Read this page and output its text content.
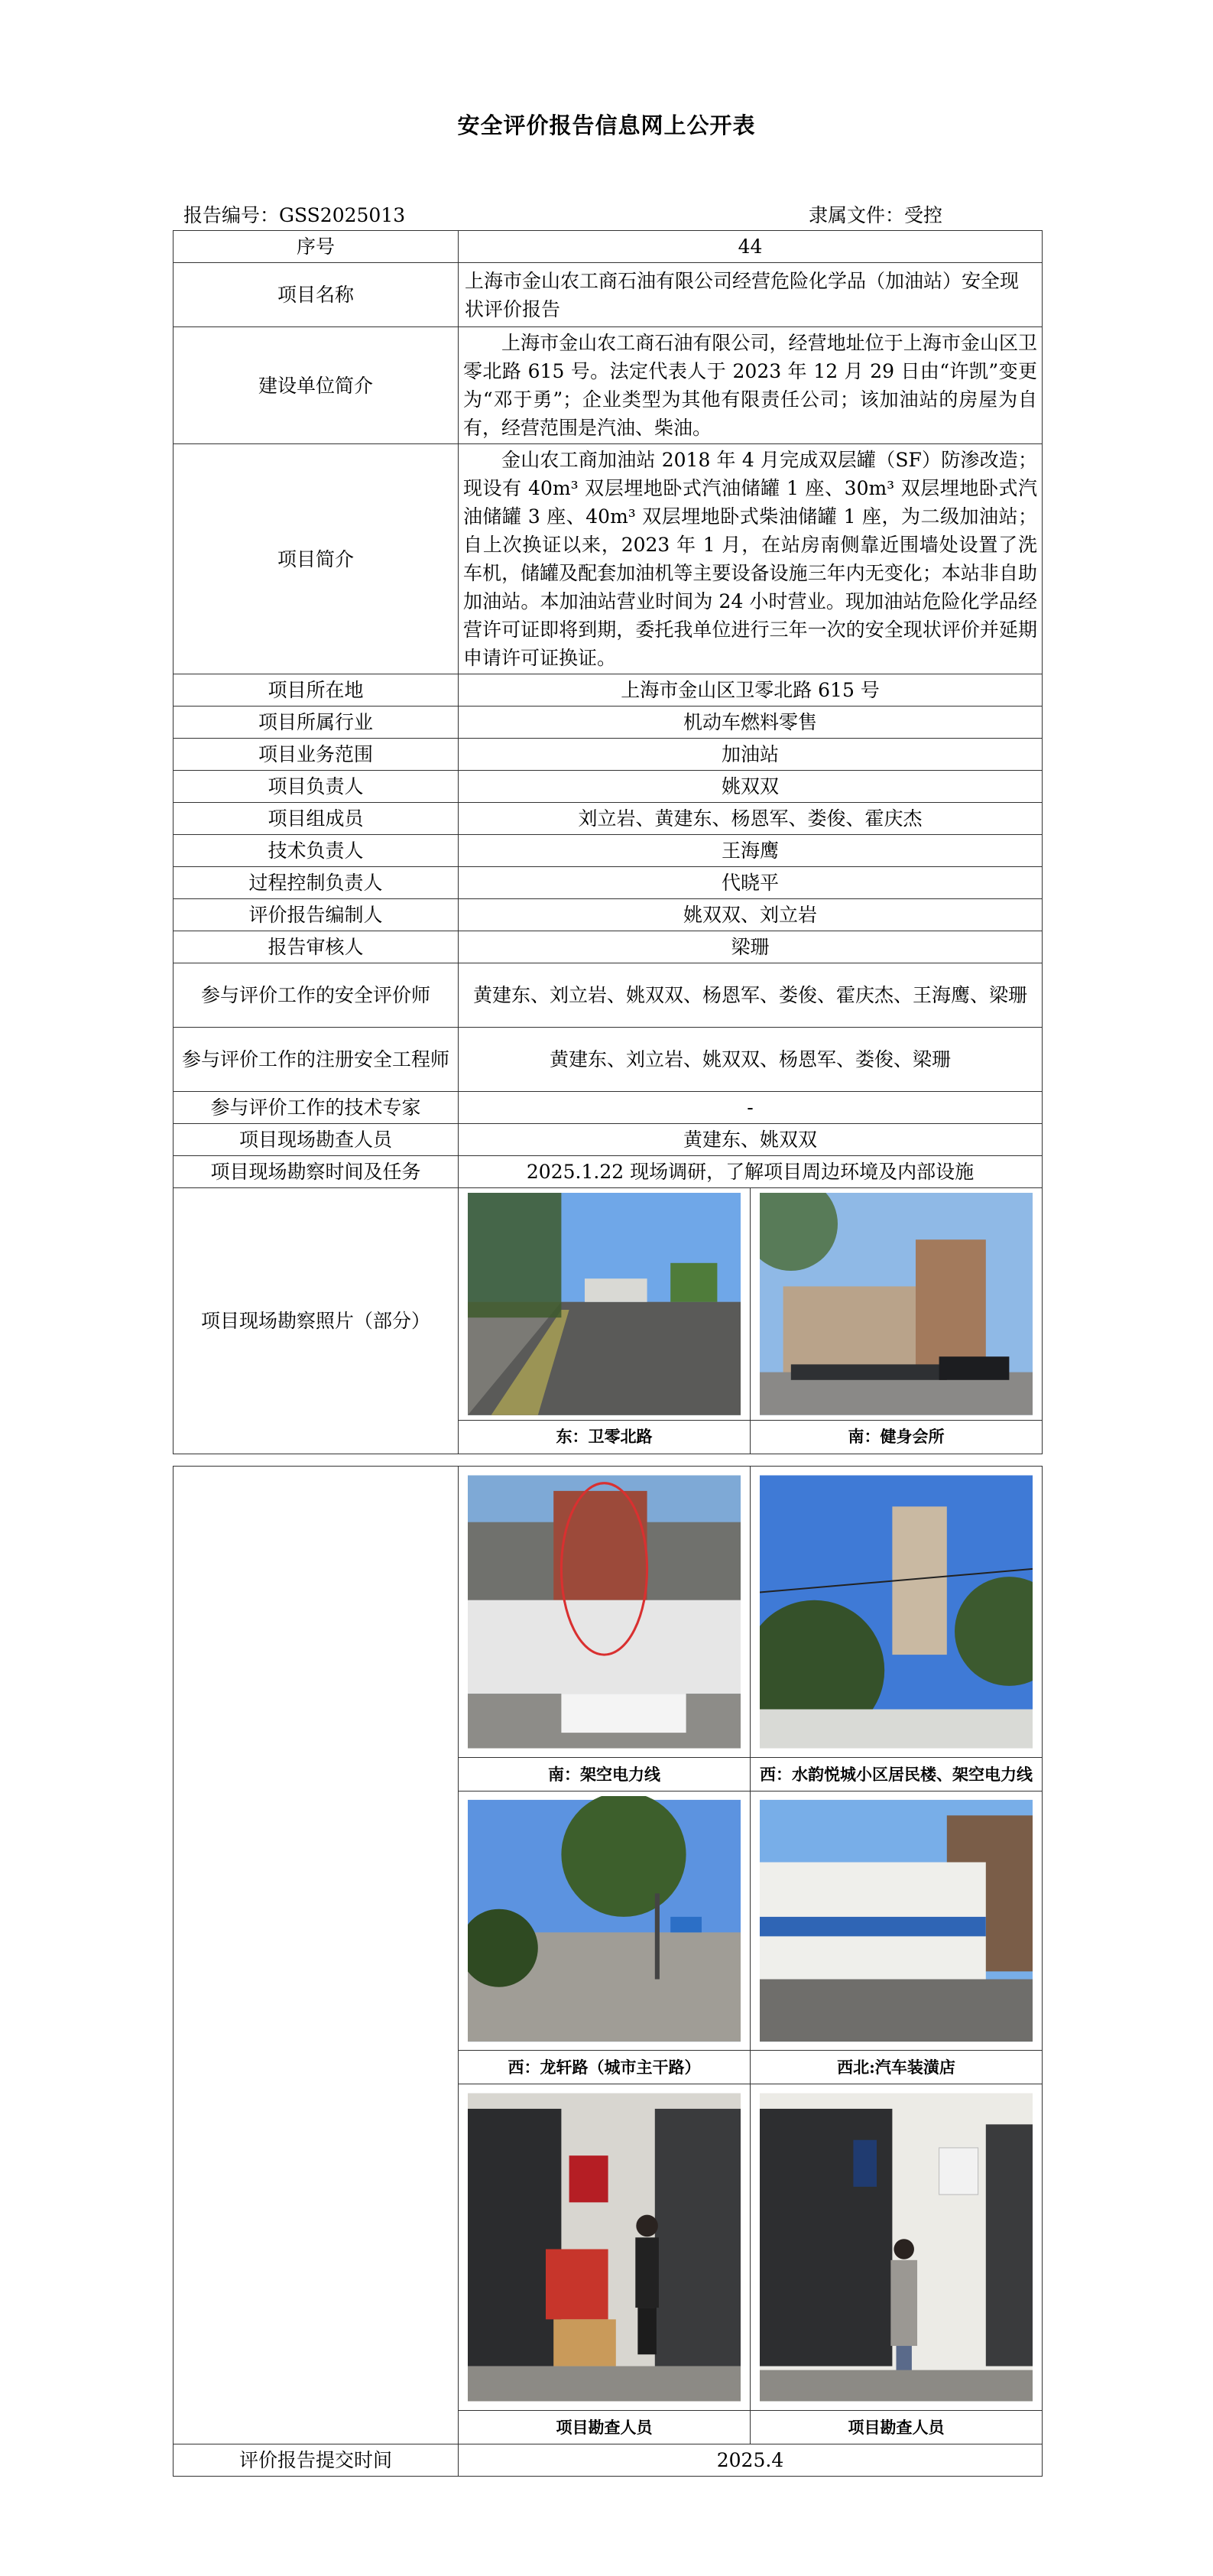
安全评价报告信息网上公开表
报告编号：GSS2025013	隶属文件：受控
序号	44
项目名称	上海市金山农工商石油有限公司经营危险化学品（加油站）安全现状评价报告
建设单位简介	上海市金山农工商石油有限公司，经营地址位于上海市金山区卫零北路 615 号。法定代表人于 2023 年 12 月 29 日由“许凯”变更为“邓于勇”；企业类型为其他有限责任公司；该加油站的房屋为自有，经营范围是汽油、柴油。
项目简介	金山农工商加油站 2018 年 4 月完成双层罐（SF）防渗改造；现设有 40m³ 双层埋地卧式汽油储罐 1 座、30m³ 双层埋地卧式汽油储罐 3 座、40m³ 双层埋地卧式柴油储罐 1 座，为二级加油站；自上次换证以来，2023 年 1 月，在站房南侧靠近围墙处设置了洗车机，储罐及配套加油机等主要设备设施三年内无变化；本站非自助加油站。本加油站营业时间为 24 小时营业。现加油站危险化学品经营许可证即将到期，委托我单位进行三年一次的安全现状评价并延期申请许可证换证。
项目所在地	上海市金山区卫零北路 615 号
项目所属行业	机动车燃料零售
项目业务范围	加油站
项目负责人	姚双双
项目组成员	刘立岩、黄建东、杨恩军、娄俊、霍庆杰
技术负责人	王海鹰
过程控制负责人	代晓平
评价报告编制人	姚双双、刘立岩
报告审核人	梁珊
参与评价工作的安全评价师	黄建东、刘立岩、姚双双、杨恩军、娄俊、霍庆杰、王海鹰、梁珊
参与评价工作的注册安全工程师	黄建东、刘立岩、姚双双、杨恩军、娄俊、梁珊
参与评价工作的技术专家	-
项目现场勘查人员	黄建东、姚双双
项目现场勘察时间及任务	2025.1.22 现场调研，了解项目周边环境及内部设施
项目现场勘察照片（部分）	

东：卫零北路	南：健身会所

南：架空电力线	西：水韵悦城小区居民楼、架空电力线

	西：龙轩路（城市主干路）	西北:汽车装潢店

	项目勘查人员	项目勘查人员
评价报告提交时间	2025.4	
